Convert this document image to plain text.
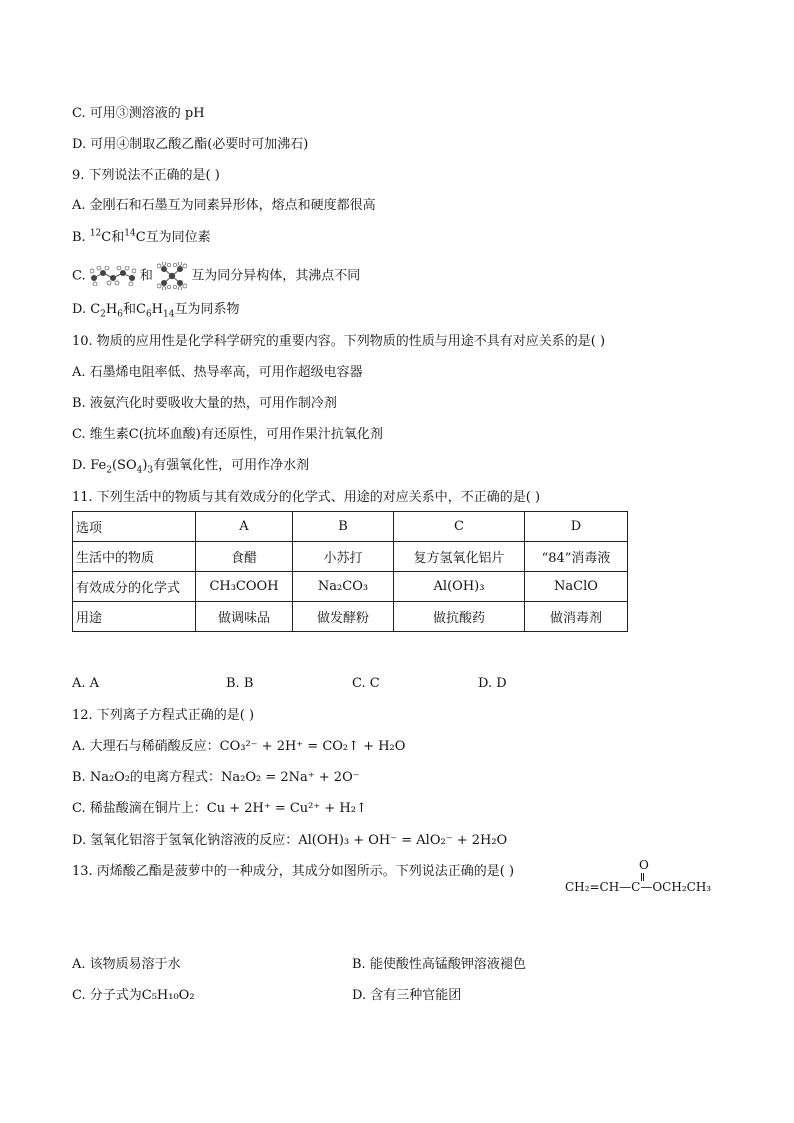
C. 可用③测溶液的 pH
D. 可用④制取乙酸乙酯(必要时可加沸石)
9. 下列说法不正确的是( )
A. 金刚石和石墨互为同素异形体，熔点和硬度都很高
B. $^{12}$C和$^{14}$C互为同位素
C.	和	互为同分异构体，其沸点不同
D. $C_2H_6$和$C_6H_{14}$互为同系物
10. 物质的应用性是化学科学研究的重要内容。下列物质的性质与用途不具有对应关系的是( )
A. 石墨烯电阻率低、热导率高，可用作超级电容器
B. 液氨汽化时要吸收大量的热，可用作制冷剂
C. 维生素C(抗坏血酸)有还原性，可用作果汁抗氧化剂
D. $Fe_2(SO_4)_3$有强氧化性，可用作净水剂
11. 下列生活中的物质与其有效成分的化学式、用途的对应关系中，不正确的是( )
选项	A	B	C	D
生活中的物质	食醋	小苏打	复方氢氧化铝片	“84”消毒液
有效成分的化学式	CH₃COOH	Na₂CO₃	Al(OH)₃	NaClO
用途	做调味品	做发酵粉	做抗酸药	做消毒剂
A. A	B. B	C. C	D. D
12. 下列离子方程式正确的是( )
A. 大理石与稀硝酸反应：CO₃²⁻ + 2H⁺ = CO₂↑ + H₂O
B. Na₂O₂的电离方程式：Na₂O₂ = 2Na⁺ + 2O⁻
C. 稀盐酸滴在铜片上：Cu + 2H⁺ = Cu²⁺ + H₂↑
D. 氢氧化铝溶于氢氧化钠溶液的反应：Al(OH)₃ + OH⁻ = AlO₂⁻ + 2H₂O
13. 丙烯酸乙酯是菠萝中的一种成分，其成分如图所示。下列说法正确的是( )	O
CH₂=CH—C—OCH₂CH₃
A. 该物质易溶于水	B. 能使酸性高锰酸钾溶液褪色
C. 分子式为C₅H₁₀O₂	D. 含有三种官能团
